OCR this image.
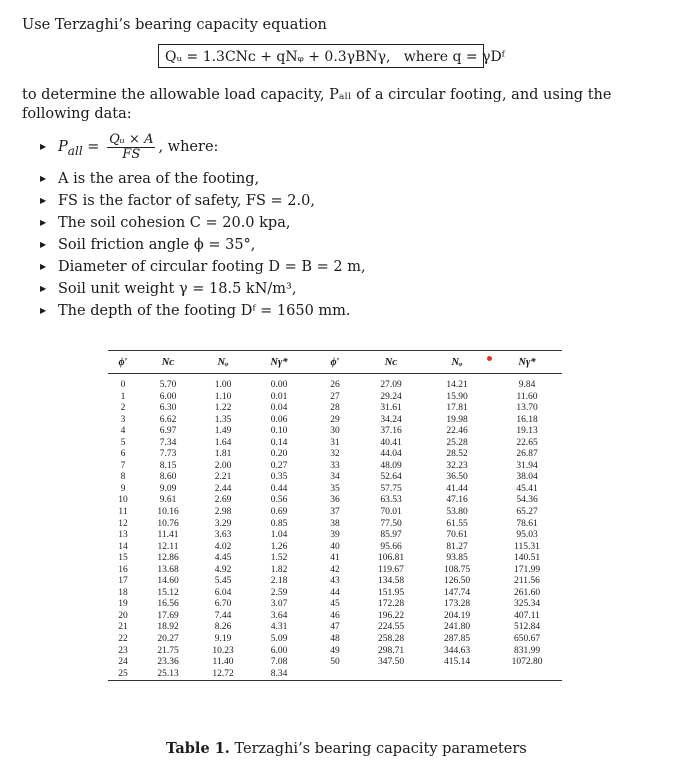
Use Terzaghi’s bearing capacity equation
Qᵤ = 1.3CNᴄ + qNᵩ + 0.3γBNγ, where q = γDᶠ
to determine the allowable load capacity, Pₐₗₗ of a circular footing, and using the following data:
▶ $P_{all} = \frac{\text{Qᵤ × A}}{FS}$ , where:
▶ A is the area of the footing,
▶ FS is the factor of safety, FS = 2.0,
▶ The soil cohesion C = 20.0 kpa,
▶ Soil friction angle ϕ = 35°,
▶ Diameter of circular footing D = B = 2 m,
▶ Soil unit weight γ = 18.5 kN/m³,
▶ The depth of the footing Dᶠ = 1650 mm.
ϕ′	Nᴄ	Nᵩ	Nγ*	ϕ′	Nᴄ	Nᵩ	Nγ*
0	5.70	1.00	0.00	26	27.09	14.21	9.84
1	6.00	1.10	0.01	27	29.24	15.90	11.60
2	6.30	1.22	0.04	28	31.61	17.81	13.70
3	6.62	1.35	0.06	29	34.24	19.98	16.18
4	6.97	1.49	0.10	30	37.16	22.46	19.13
5	7.34	1.64	0.14	31	40.41	25.28	22.65
6	7.73	1.81	0.20	32	44.04	28.52	26.87
7	8.15	2.00	0.27	33	48.09	32.23	31.94
8	8.60	2.21	0.35	34	52.64	36.50	38.04
9	9.09	2.44	0.44	35	57.75	41.44	45.41
10	9.61	2.69	0.56	36	63.53	47.16	54.36
11	10.16	2.98	0.69	37	70.01	53.80	65.27
12	10.76	3.29	0.85	38	77.50	61.55	78.61
13	11.41	3.63	1.04	39	85.97	70.61	95.03
14	12.11	4.02	1.26	40	95.66	81.27	115.31
15	12.86	4.45	1.52	41	106.81	93.85	140.51
16	13.68	4.92	1.82	42	119.67	108.75	171.99
17	14.60	5.45	2.18	43	134.58	126.50	211.56
18	15.12	6.04	2.59	44	151.95	147.74	261.60
19	16.56	6.70	3.07	45	172.28	173.28	325.34
20	17.69	7.44	3.64	46	196.22	204.19	407.11
21	18.92	8.26	4.31	47	224.55	241.80	512.84
22	20.27	9.19	5.09	48	258.28	287.85	650.67
23	21.75	10.23	6.00	49	298.71	344.63	831.99
24	23.36	11.40	7.08	50	347.50	415.14	1072.80
25	25.13	12.72	8.34				
Table 1. Terzaghi’s bearing capacity parameters
